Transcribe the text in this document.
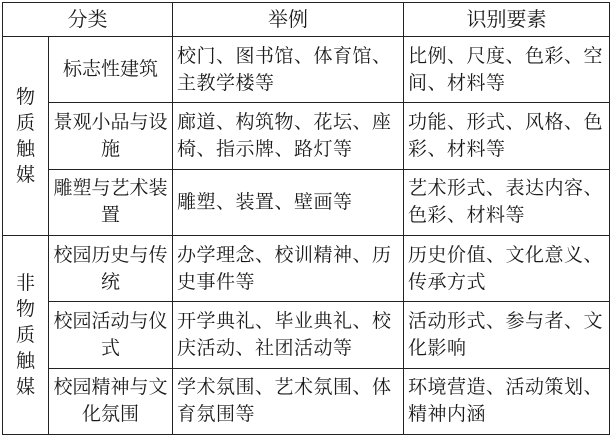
分类		举例	识别要素

物质触媒	标志性建筑	校门、图书馆、体育馆、主教学楼等	比例、尺度、色彩、空间、材料等
	景观小品与设施	廊道、构筑物、花坛、座椅、指示牌、路灯等	功能、形式、风格、色彩、材料等
	雕塑与艺术装置	雕塑、装置、壁画等	艺术形式、表达内容、色彩、材料等

非物质触媒	校园历史与传统	办学理念、校训精神、历史事件等	历史价值、文化意义、传承方式
	校园活动与仪式	开学典礼、毕业典礼、校庆活动、社团活动等	活动形式、参与者、文化影响
	校园精神与文化氛围	学术氛围、艺术氛围、体育氛围等	环境营造、活动策划、精神内涵
